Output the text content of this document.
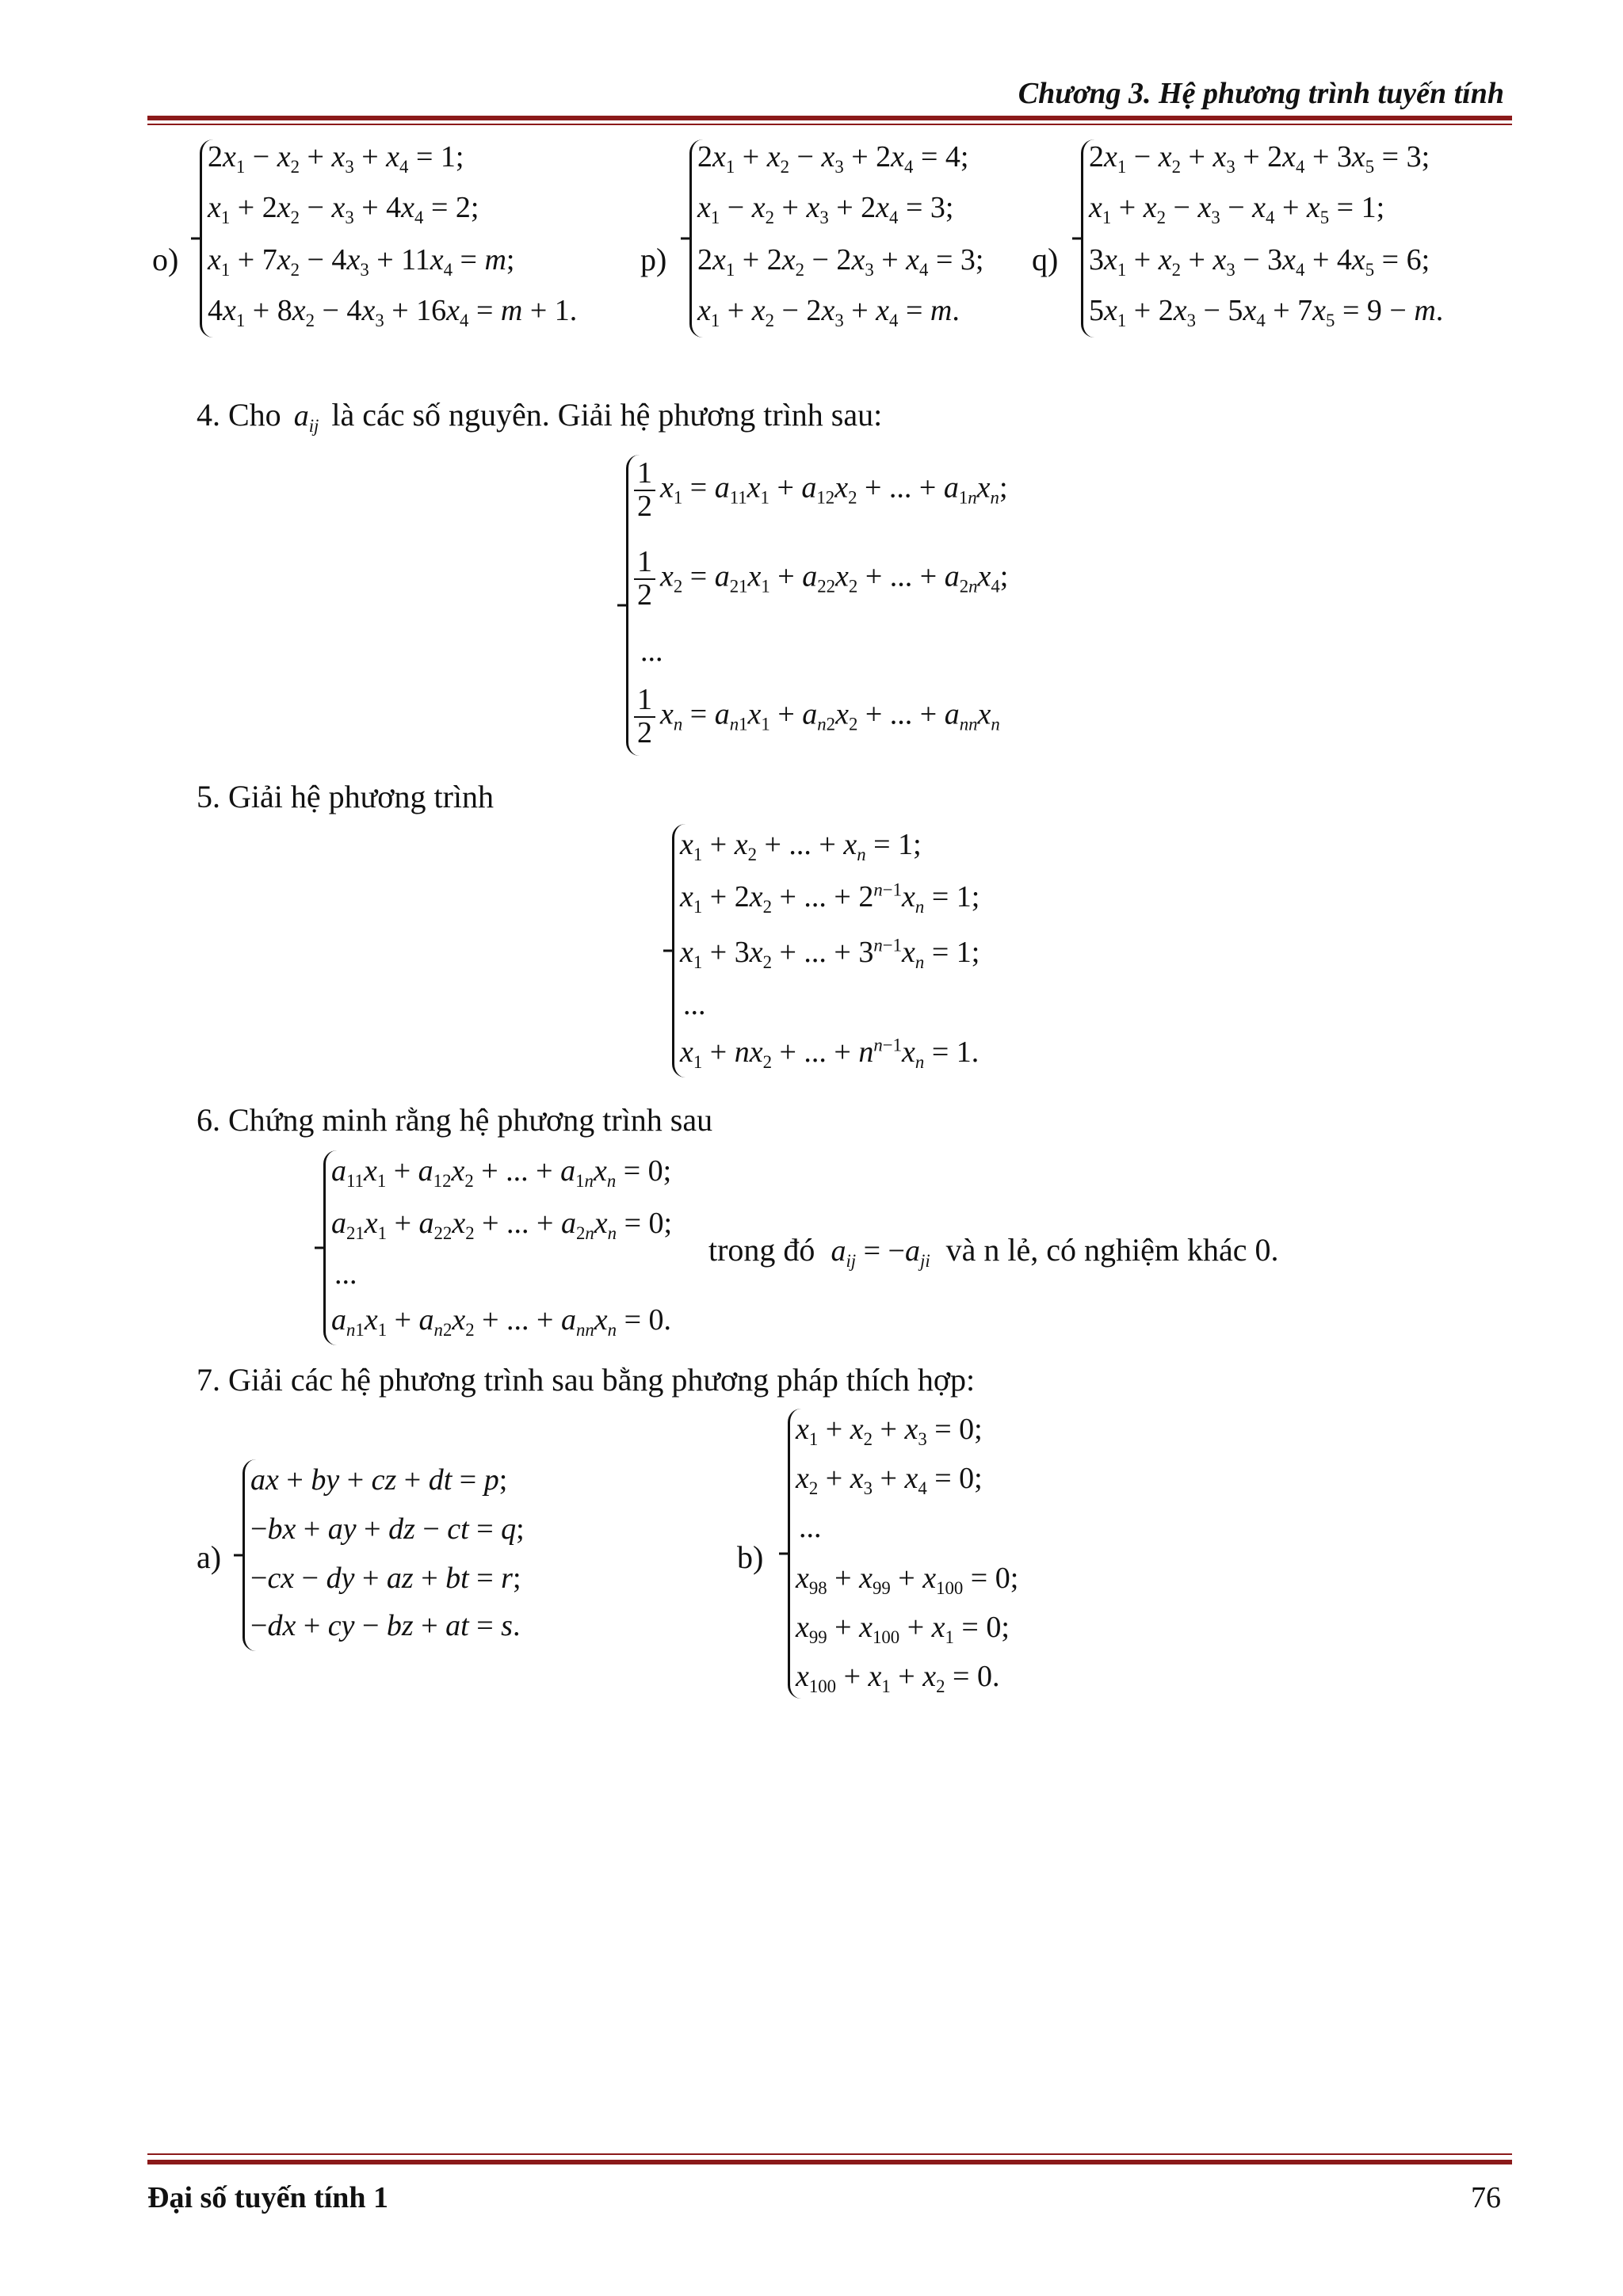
Chương 3. Hệ phương trình tuyến tính
o)
$2x_1 - x_2 + x_3 + x_4 = 1$;
$x_1 + 2x_2 - x_3 + 4x_4 = 2$;
$x_1 + 7x_2 - 4x_3 + 11x_4 = m$;
$4x_1 + 8x_2 - 4x_3 + 16x_4 = m + 1$.
p)
$2x_1 + x_2 - x_3 + 2x_4 = 4$;
$x_1 - x_2 + x_3 + 2x_4 = 3$;
$2x_1 + 2x_2 - 2x_3 + x_4 = 3$;
$x_1 + x_2 - 2x_3 + x_4 = m$.
q)
$2x_1 - x_2 + x_3 + 2x_4 + 3x_5 = 3$;
$x_1 + x_2 - x_3 - x_4 + x_5 = 1$;
$3x_1 + x_2 + x_3 - 3x_4 + 4x_5 = 6$;
$5x_1 + 2x_3 - 5x_4 + 7x_5 = 9 - m$.
4. Cho $a_{ij}$ là các số nguyên. Giải hệ phương trình sau:
$\frac{1}{2} x_1 = a_{11}x_1 + a_{12}x_2$ + ... + $a_{1n}x_n$;
$\frac{1}{2} x_2 = a_{21}x_1 + a_{22}x_2$ + ... + $a_{2n}x_4$;
...
$\frac{1}{2} x_n = a_{n1}x_1 + a_{n2}x_2$ + ... + $a_{nn}x_n$
5. Giải hệ phương trình
$x_1 + x_2$ + ... + $x_n = 1$;
$x_1 + 2x_2$ + ... + $2^{n-1}x_n = 1$;
$x_1 + 3x_2$ + ... + $3^{n-1}x_n = 1$;
...
$x_1 + nx_2$ + ... + $n^{n-1}x_n = 1$.
6. Chứng minh rằng hệ phương trình sau
$a_{11}x_1 + a_{12}x_2$ + ... + $a_{1n}x_n = 0$;
$a_{21}x_1 + a_{22}x_2$ + ... + $a_{2n}x_n = 0$;
...
$a_{n1}x_1 + a_{n2}x_2$ + ... + $a_{nn}x_n = 0$.
trong đó $a_{ij} = -a_{ji}$ và n lẻ, có nghiệm khác 0.
7. Giải các hệ phương trình sau bằng phương pháp thích hợp:
a)
ax + by + cz + dt = p;
−bx + ay + dz − ct = q;
−cx − dy + az + bt = r;
−dx + cy − bz + at = s.
b)
$x_1 + x_2 + x_3 = 0$;
$x_2 + x_3 + x_4 = 0$;
...
$x_{98} + x_{99} + x_{100} = 0$;
$x_{99} + x_{100} + x_1 = 0$;
$x_{100} + x_1 + x_2 = 0$.
Đại số tuyến tính 1	76
